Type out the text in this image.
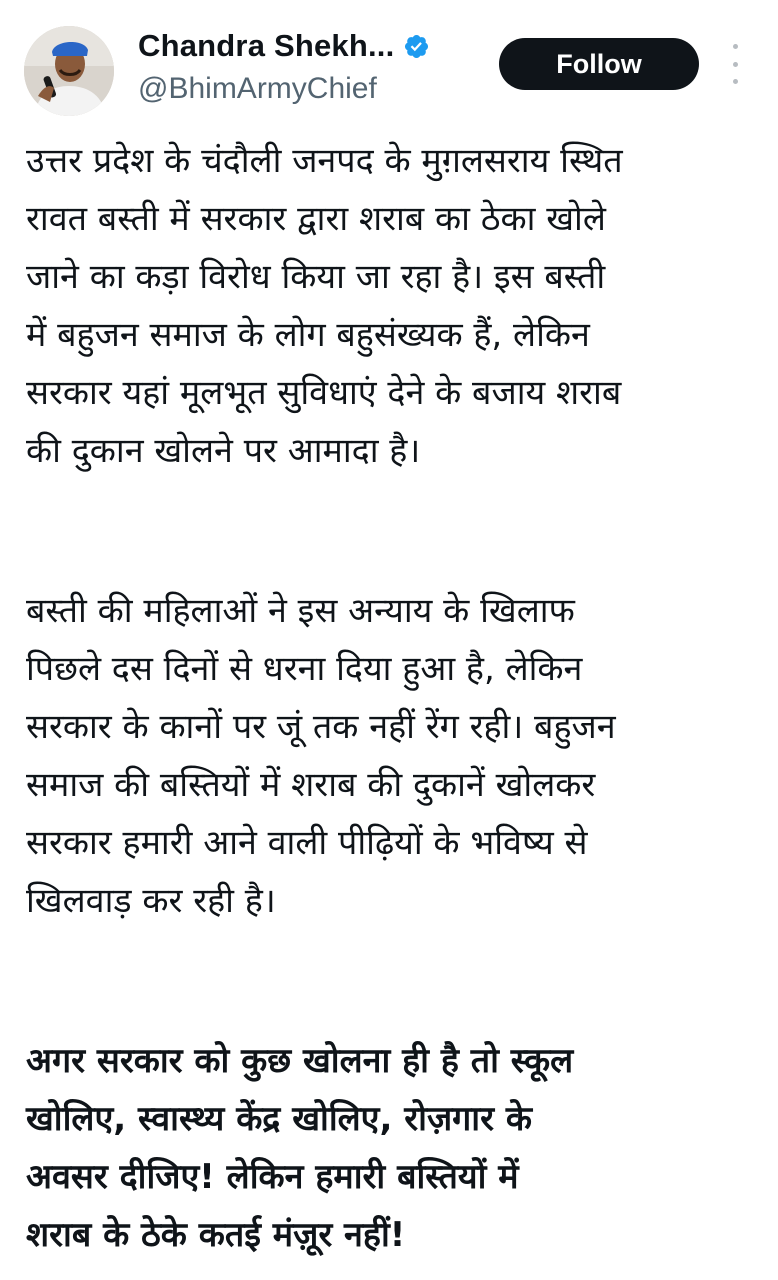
Chandra Shekh...
@BhimArmyChief
Follow

उत्तर प्रदेश के चंदौली जनपद के मुग़लसराय स्थित
रावत बस्ती में सरकार द्वारा शराब का ठेका खोले
जाने का कड़ा विरोध किया जा रहा है। इस बस्ती
में बहुजन समाज के लोग बहुसंख्यक हैं, लेकिन
सरकार यहां मूलभूत सुविधाएं देने के बजाय शराब
की दुकान खोलने पर आमादा है।

बस्ती की महिलाओं ने इस अन्याय के खिलाफ
पिछले दस दिनों से धरना दिया हुआ है, लेकिन
सरकार के कानों पर जूं तक नहीं रेंग रही। बहुजन
समाज की बस्तियों में शराब की दुकानें खोलकर
सरकार हमारी आने वाली पीढ़ियों के भविष्य से
खिलवाड़ कर रही है।

अगर सरकार को कुछ खोलना ही है तो स्कूल
खोलिए, स्वास्थ्य केंद्र खोलिए, रोज़गार के
अवसर दीजिए! लेकिन हमारी बस्तियों में
शराब के ठेके कतई मंज़ूर नहीं!
